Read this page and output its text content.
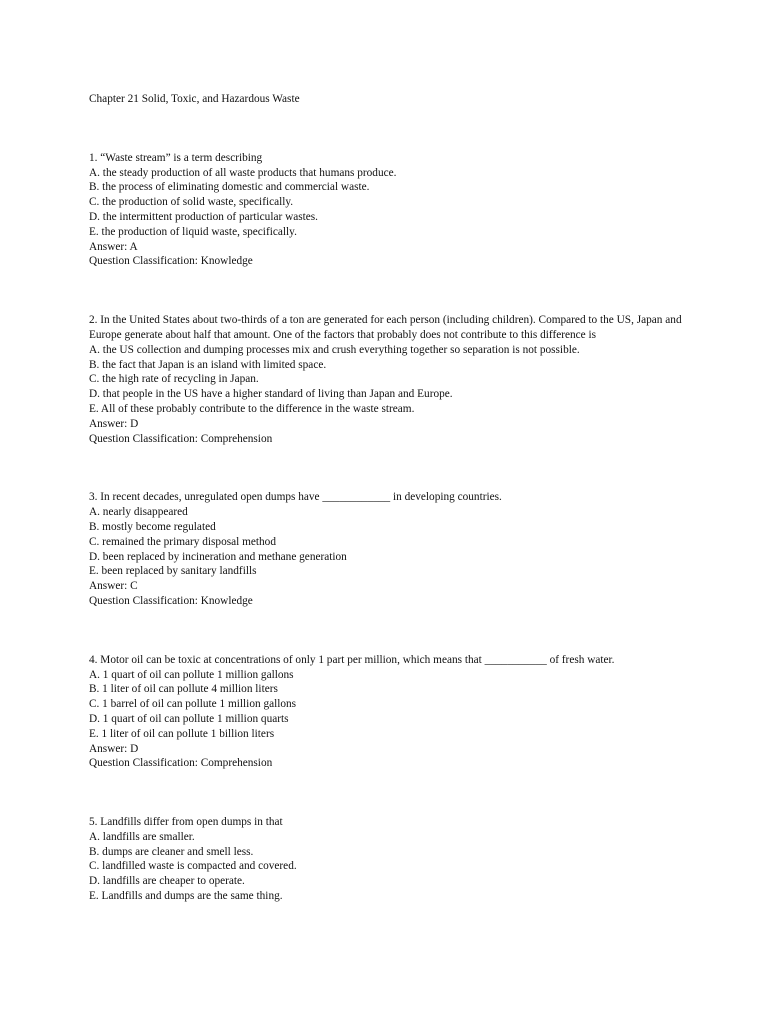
Chapter 21 Solid, Toxic, and Hazardous Waste
1. “Waste stream” is a term describing
A. the steady production of all waste products that humans produce.
B. the process of eliminating domestic and commercial waste.
C. the production of solid waste, specifically.
D. the intermittent production of particular wastes.
E. the production of liquid waste, specifically.
Answer: A
Question Classification: Knowledge
2. In the United States about two-thirds of a ton are generated for each person (including children). Compared to the US, Japan and Europe generate about half that amount. One of the factors that probably does not contribute to this difference is
A. the US collection and dumping processes mix and crush everything together so separation is not possible.
B. the fact that Japan is an island with limited space.
C. the high rate of recycling in Japan.
D. that people in the US have a higher standard of living than Japan and Europe.
E. All of these probably contribute to the difference in the waste stream.
Answer: D
Question Classification: Comprehension
3. In recent decades, unregulated open dumps have ____________ in developing countries.
A. nearly disappeared
B. mostly become regulated
C. remained the primary disposal method
D. been replaced by incineration and methane generation
E. been replaced by sanitary landfills
Answer: C
Question Classification: Knowledge
4. Motor oil can be toxic at concentrations of only 1 part per million, which means that ___________ of fresh water.
A. 1 quart of oil can pollute 1 million gallons
B. 1 liter of oil can pollute 4 million liters
C. 1 barrel of oil can pollute 1 million gallons
D. 1 quart of oil can pollute 1 million quarts
E. 1 liter of oil can pollute 1 billion liters
Answer: D
Question Classification: Comprehension
5. Landfills differ from open dumps in that
A. landfills are smaller.
B. dumps are cleaner and smell less.
C. landfilled waste is compacted and covered.
D. landfills are cheaper to operate.
E. Landfills and dumps are the same thing.
